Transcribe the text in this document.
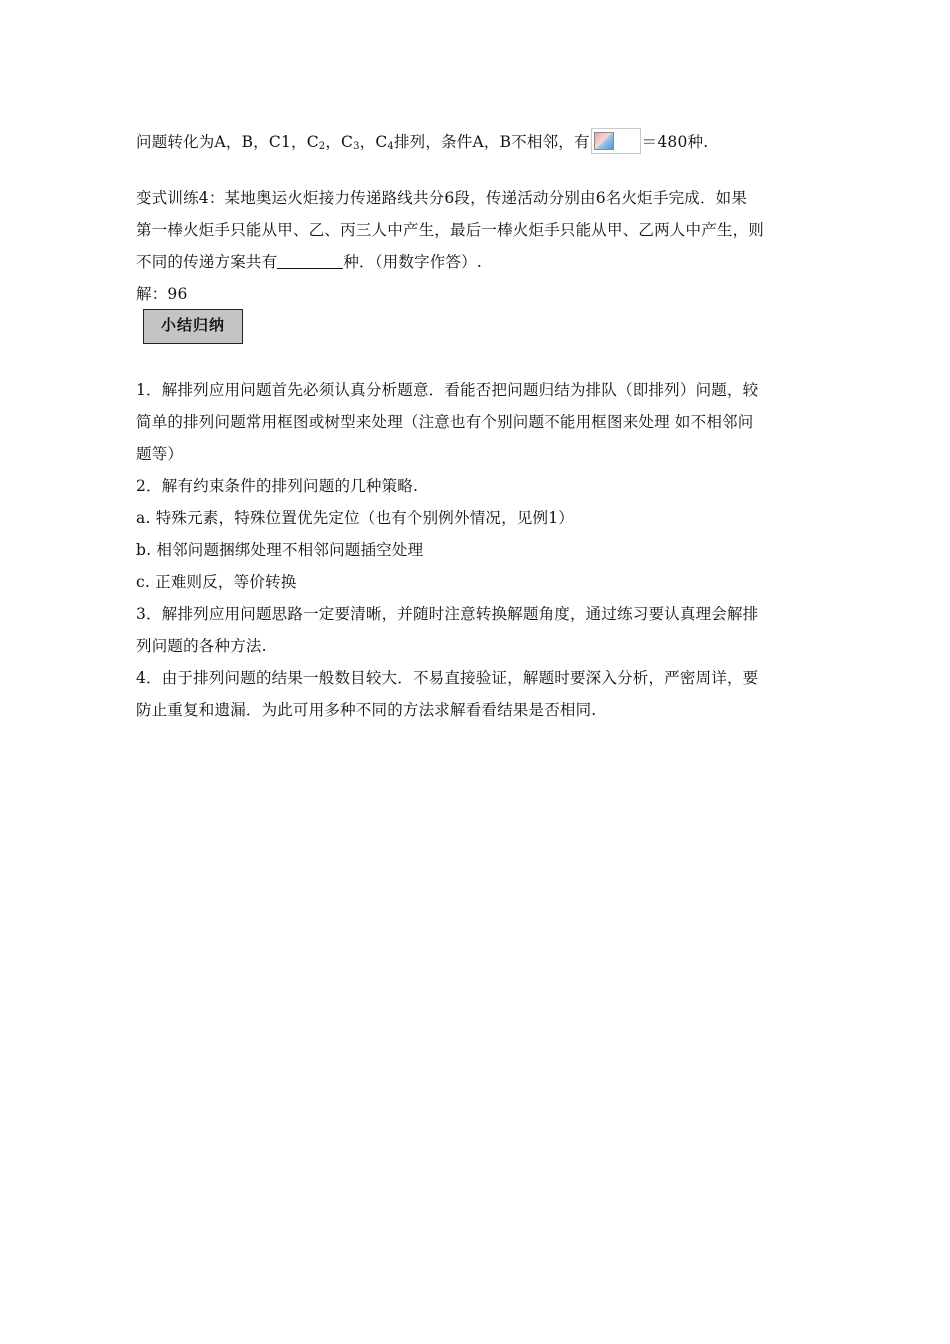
问题转化为A，B，C1，$C_2$，$C_3$，$C_4$排列，条件A，B不相邻，有	＝480种.
变式训练4：某地奥运火炬接力传递路线共分6段，传递活动分别由6名火炬手完成．如果
第一棒火炬手只能从甲、乙、丙三人中产生，最后一棒火炬手只能从甲、乙两人中产生，则
不同的传递方案共有	种．（用数字作答）.
解：96
小结归纳
1．解排列应用问题首先必须认真分析题意．看能否把问题归结为排队（即排列）问题，较
简单的排列问题常用框图或树型来处理（注意也有个别问题不能用框图来处理 如不相邻问
题等）
2．解有约束条件的排列问题的几种策略.
a. 特殊元素，特殊位置优先定位（也有个别例外情况，见例1）
b. 相邻问题捆绑处理不相邻问题插空处理
c. 正难则反，等价转换
3．解排列应用问题思路一定要清晰，并随时注意转换解题角度，通过练习要认真理会解排
列问题的各种方法.
4．由于排列问题的结果一般数目较大．不易直接验证，解题时要深入分析，严密周详，要
防止重复和遗漏．为此可用多种不同的方法求解看看结果是否相同.
